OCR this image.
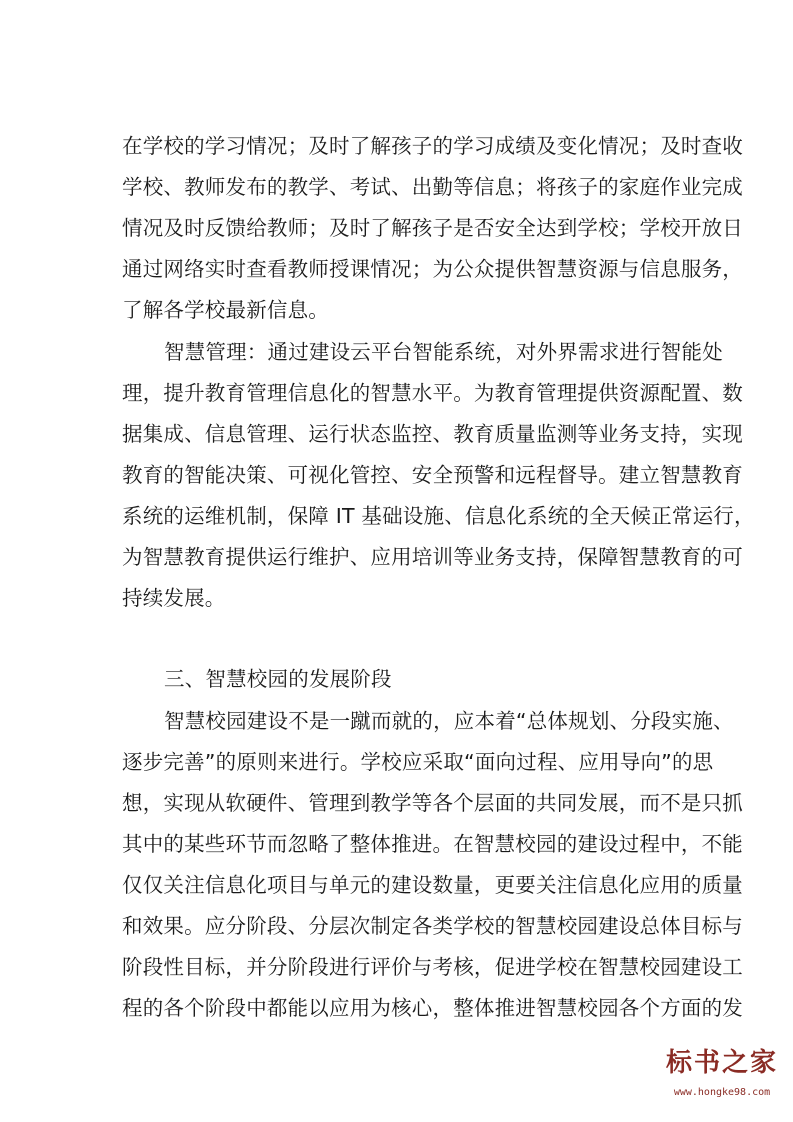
在学校的学习情况；及时了解孩子的学习成绩及变化情况；及时查收
学校、教师发布的教学、考试、出勤等信息；将孩子的家庭作业完成
情况及时反馈给教师；及时了解孩子是否安全达到学校；学校开放日
通过网络实时查看教师授课情况；为公众提供智慧资源与信息服务，
了解各学校最新信息。
智慧管理：通过建设云平台智能系统，对外界需求进行智能处
理，提升教育管理信息化的智慧水平。为教育管理提供资源配置、数
据集成、信息管理、运行状态监控、教育质量监测等业务支持，实现
教育的智能决策、可视化管控、安全预警和远程督导。建立智慧教育
系统的运维机制，保障 IT 基础设施、信息化系统的全天候正常运行，
为智慧教育提供运行维护、应用培训等业务支持，保障智慧教育的可
持续发展。
三、智慧校园的发展阶段
智慧校园建设不是一蹴而就的，应本着“总体规划、分段实施、
逐步完善”的原则来进行。学校应采取“面向过程、应用导向”的思
想，实现从软硬件、管理到教学等各个层面的共同发展，而不是只抓
其中的某些环节而忽略了整体推进。在智慧校园的建设过程中，不能
仅仅关注信息化项目与单元的建设数量，更要关注信息化应用的质量
和效果。应分阶段、分层次制定各类学校的智慧校园建设总体目标与
阶段性目标，并分阶段进行评价与考核，促进学校在智慧校园建设工
程的各个阶段中都能以应用为核心，整体推进智慧校园各个方面的发
标书之家
www.hongke98.com
